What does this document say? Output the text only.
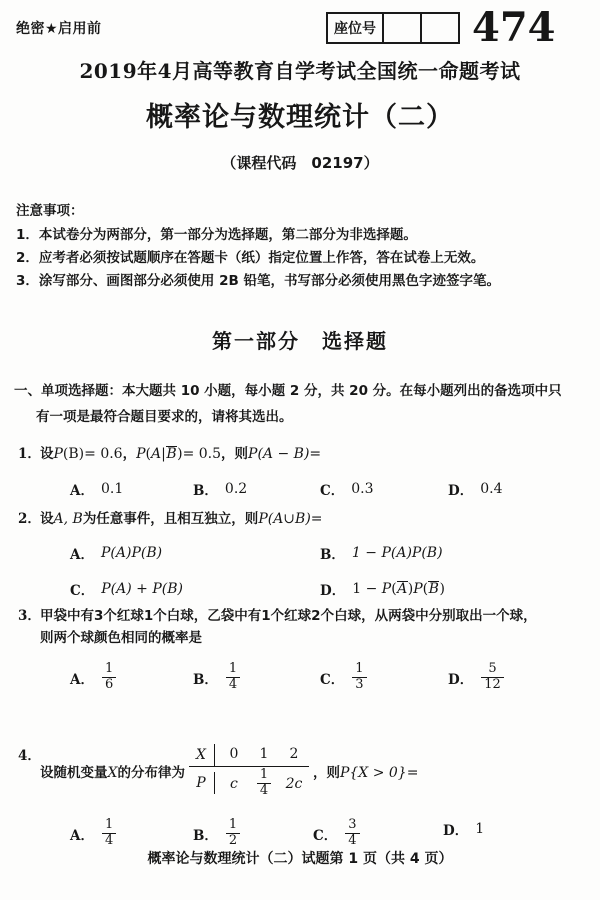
绝密★启用前	座位号 474
2019年4月高等教育自学考试全国统一命题考试
概率论与数理统计（二）
（课程代码　02197）
注意事项：
1．本试卷分为两部分，第一部分为选择题，第二部分为非选择题。
2．应考者必须按试题顺序在答题卡（纸）指定位置上作答，答在试卷上无效。
3．涂写部分、画图部分必须使用 2B 铅笔，书写部分必须使用黑色字迹签字笔。
第一部分　选择题
一、单项选择题：本大题共 10 小题，每小题 2 分，共 20 分。在每小题列出的备选项中只
有一项是最符合题目要求的，请将其选出。
1． 设P(B)= 0.6，P(A|B)= 0.5，则P(A − B)=
A． 0.1	B． 0.2	C． 0.3	D． 0.4
2． 设A, B为任意事件，且相互独立，则P(A∪B)=
A． P(A)P(B)	B． 1 − P(A)P(B)
C． P(A) + P(B)	D． 1 − P(A)P(B)
3． 甲袋中有3个红球1个白球，乙袋中有1个红球2个白球，从两袋中分别取出一个球，
则两个球颜色相同的概率是
A． $\frac{1}{6}$	B． $\frac{1}{4}$	C． $\frac{1}{3}$	D． $\frac{5}{12}$
4．
设随机变量X的分布律为 X	0	1	2
P	c	$\frac{1}{4}$	2c ，则P{X > 0}=
A． $\frac{1}{4}$	B． $\frac{1}{2}$	C． $\frac{3}{4}$	D． 1
概率论与数理统计（二）试题第 1 页（共 4 页）
